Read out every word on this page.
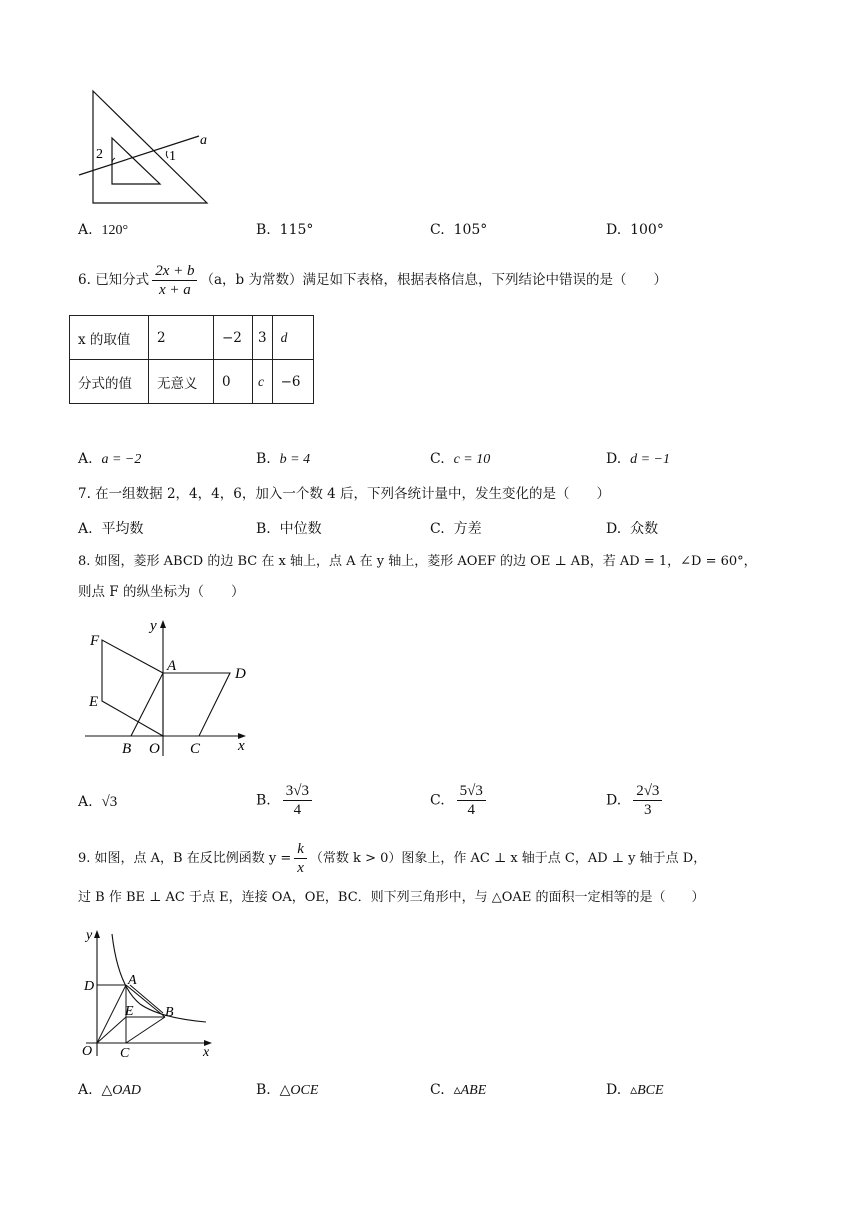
a
1
2
A. 120°	B. 115°	C. 105°	D. 100°
6. 已知分式 $\frac{2x + b}{x + a} (a$，b 为常数）满足如下表格，根据表格信息，下列结论中错误的是（　　）
x 的取值	2	−2	3	d
分式的值	无意义	0	c	−6
A. a = −2	B. b = 4	C. c = 10	D. d = −1
7. 在一组数据 2，4，4，6，加入一个数 4 后，下列各统计量中，发生变化的是（　　）
A. 平均数	B. 中位数	C. 方差	D. 众数
8. 如图，菱形 ABCD 的边 BC 在 x 轴上，点 A 在 y 轴上，菱形 AOEF 的边 OE ⊥ AB，若 AD = 1，∠D = 60°，
则点 F 的纵坐标为（　　）
F
y
A	D
E
B O C	x
A. √3	B. $\frac{3√3}{4}$	C. $\frac{5√3}{4}$	D. $\frac{2√3}{3}$
9. 如图，点 A，B 在反比例函数 $y = \frac{k}{x}$ （常数 k > 0）图象上，作 AC ⊥ x 轴于点 C，AD ⊥ y 轴于点 D，
过 B 作 BE ⊥ AC 于点 E，连接 OA，OE，BC．则下列三角形中，与 △OAE 的面积一定相等的是（　　）
y
D A
E B
O C	x
A. △OAD	B. △OCE	C. ▵ABE	D. ▵BCE
